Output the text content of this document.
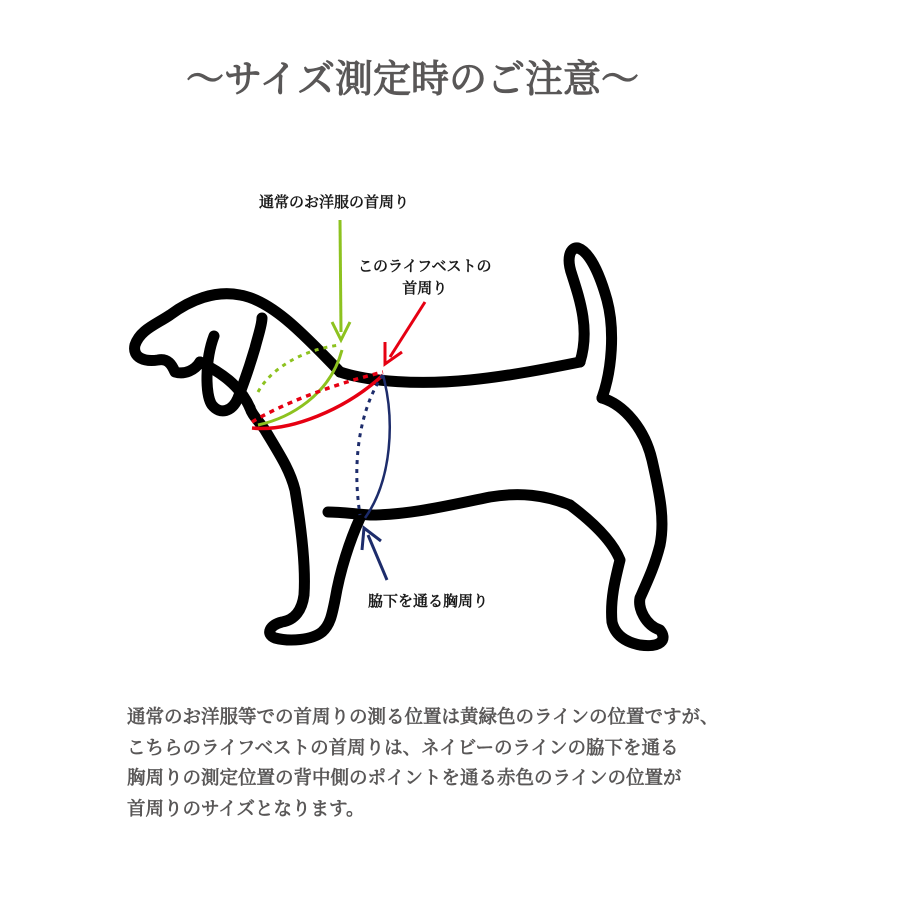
〜サイズ測定時のご注意〜
通常のお洋服の首周り
このライフベストの
首周り
脇下を通る胸周り
通常のお洋服等での首周りの測る位置は黄緑色のラインの位置ですが、
こちらのライフベストの首周りは、ネイビーのラインの脇下を通る
胸周りの測定位置の背中側のポイントを通る赤色のラインの位置が
首周りのサイズとなります。
